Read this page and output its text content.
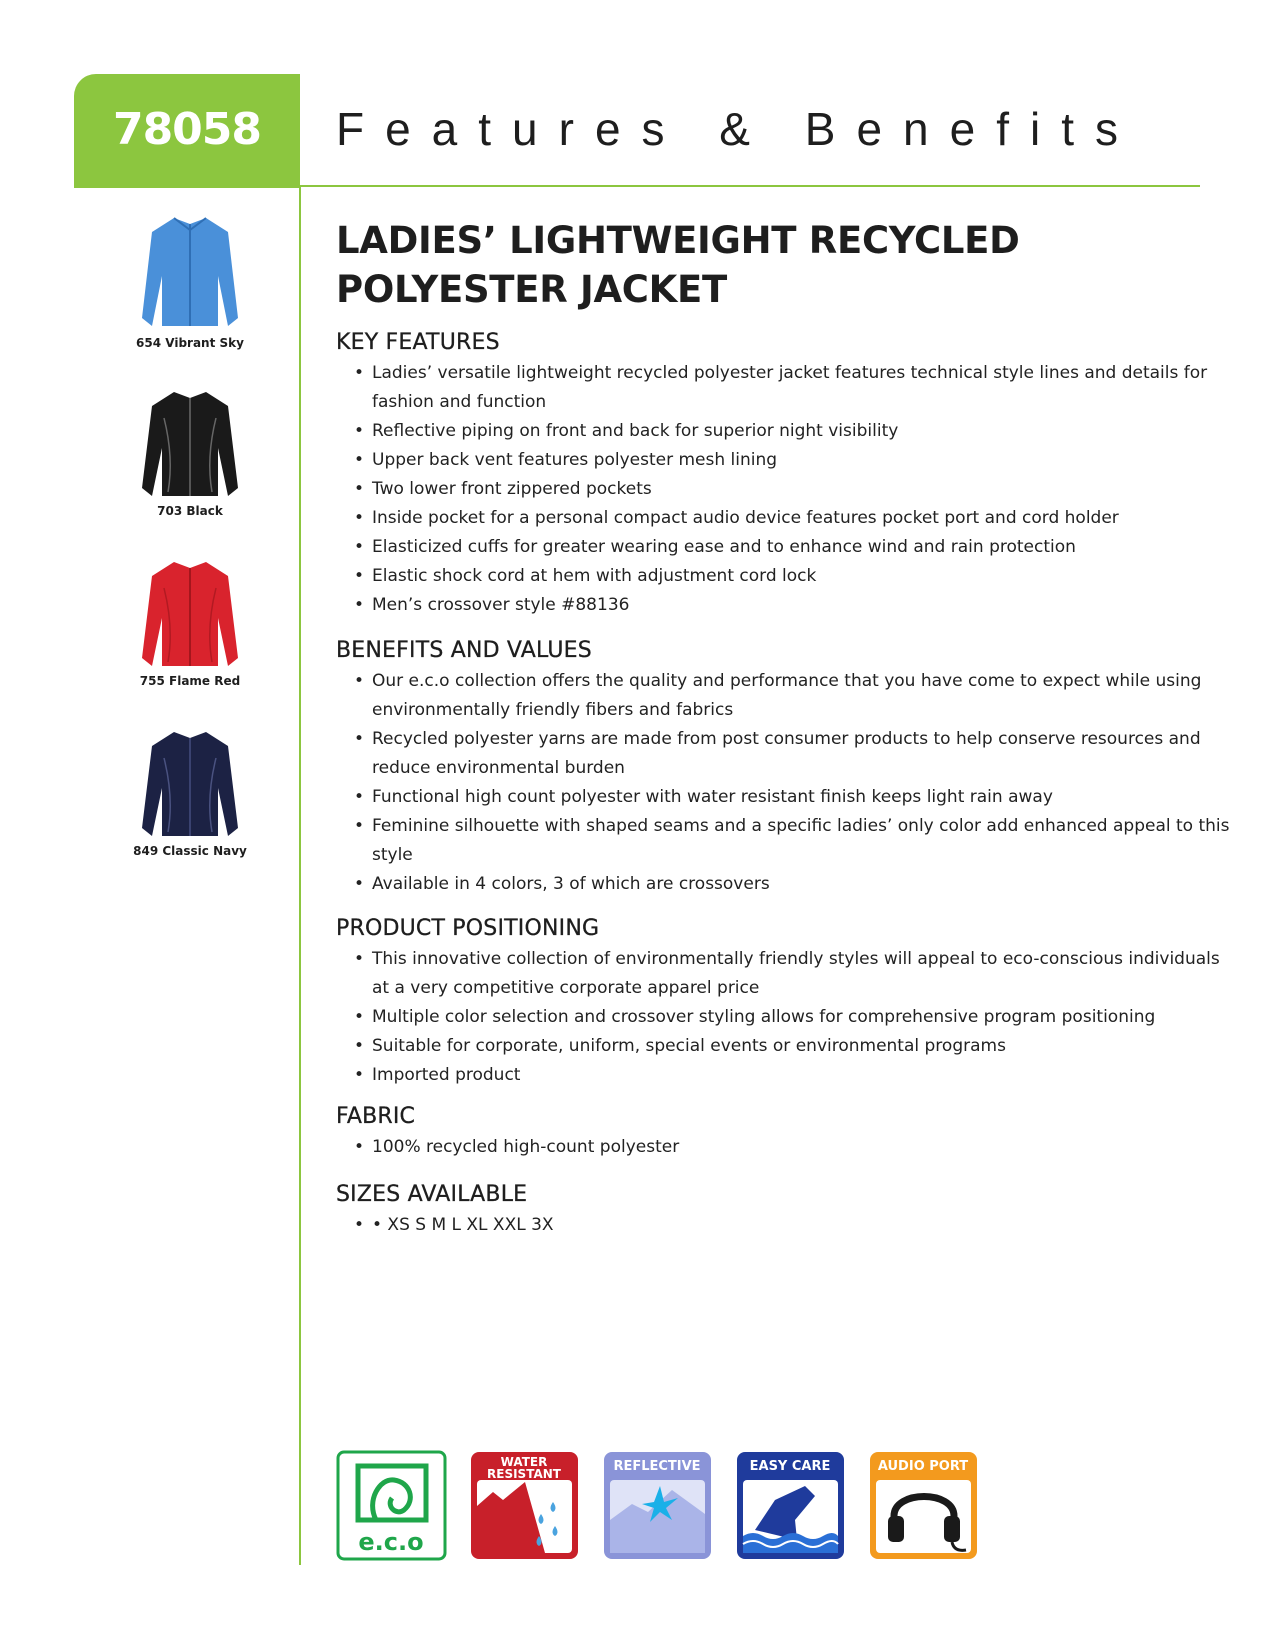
78058	Features & Benefits
654 Vibrant Sky
703 Black
755 Flame Red
849 Classic Navy
LADIES’ LIGHTWEIGHT RECYCLED POLYESTER JACKET
KEY FEATURES
• Ladies’ versatile lightweight recycled polyester jacket features technical style lines and details for fashion and function
• Reflective piping on front and back for superior night visibility
• Upper back vent features polyester mesh lining
• Two lower front zippered pockets
• Inside pocket for a personal compact audio device features pocket port and cord holder
• Elasticized cuffs for greater wearing ease and to enhance wind and rain protection
• Elastic shock cord at hem with adjustment cord lock
• Men’s crossover style #88136
BENEFITS AND VALUES
• Our e.c.o collection offers the quality and performance that you have come to expect while using environmentally friendly fibers and fabrics
• Recycled polyester yarns are made from post consumer products to help conserve resources and reduce environmental burden
• Functional high count polyester with water resistant finish keeps light rain away
• Feminine silhouette with shaped seams and a specific ladies’ only color add enhanced appeal to this style
• Available in 4 colors, 3 of which are crossovers
PRODUCT POSITIONING
• This innovative collection of environmentally friendly styles will appeal to eco-conscious individuals at a very competitive corporate apparel price
• Multiple color selection and crossover styling allows for comprehensive program positioning
• Suitable for corporate, uniform, special events or environmental programs
• Imported product
FABRIC
• 100% recycled high-count polyester
SIZES AVAILABLE
• • XS S M L XL XXL 3X
e.c.o
WATER
RESISTANT	REFLECTIVE	EASY CARE	AUDIO PORT
